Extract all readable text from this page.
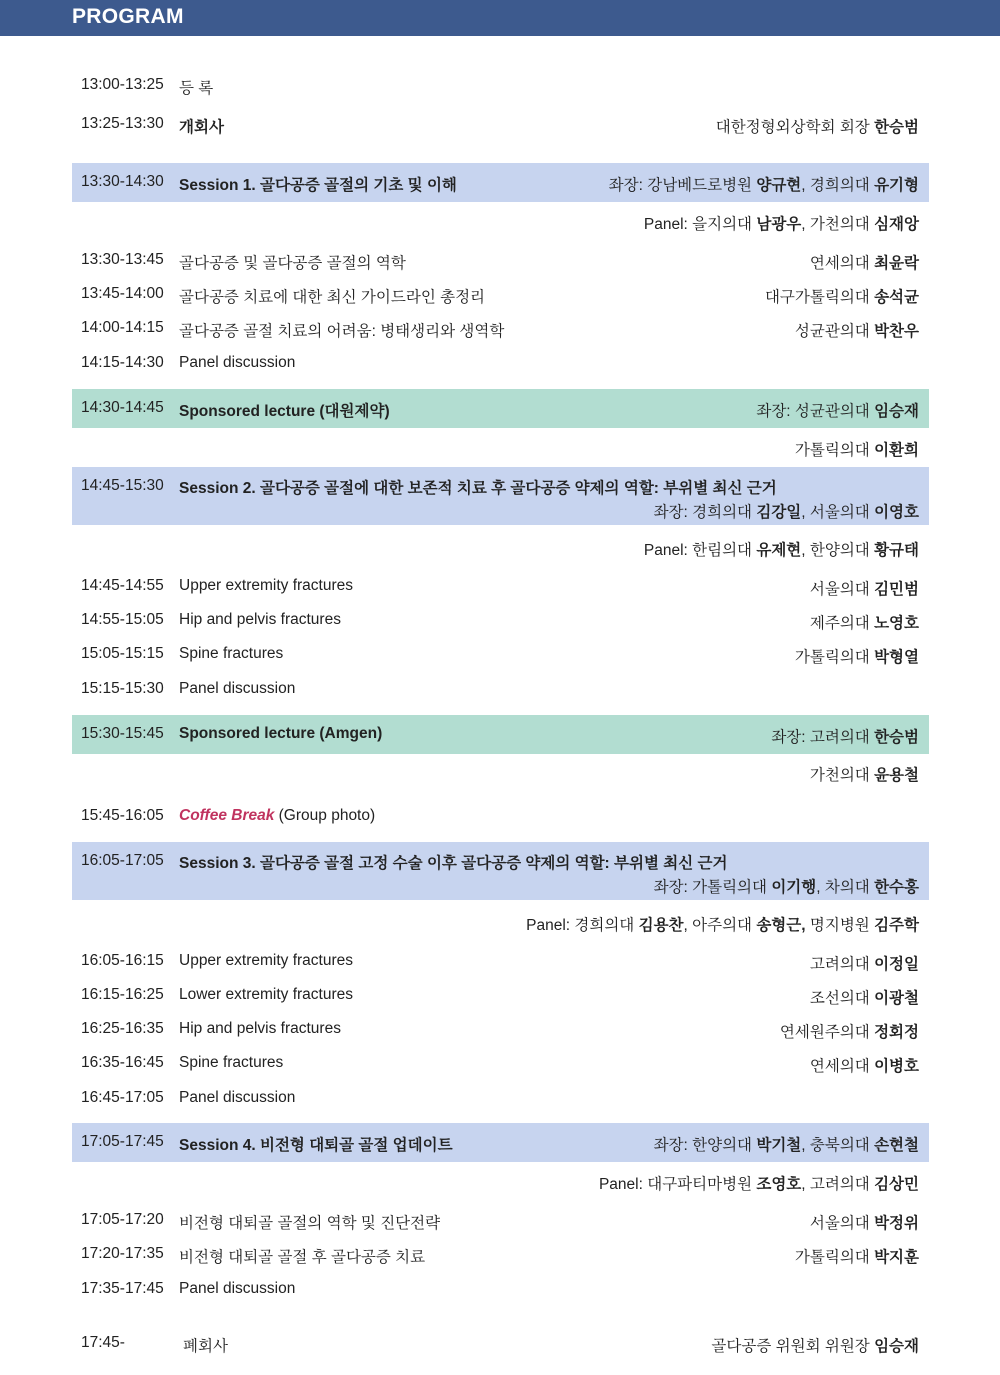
PROGRAM
13:00-13:25 등 록
13:25-13:30 개회사	대한정형외상학회 회장 한승범
13:30-14:30 Session 1. 골다공증 골절의 기초 및 이해	좌장: 강남베드로병원 양규현, 경희의대 유기형
Panel: 을지의대 남광우, 가천의대 심재앙
13:30-13:45 골다공증 및 골다공증 골절의 역학	연세의대 최윤락
13:45-14:00 골다공증 치료에 대한 최신 가이드라인 총정리	대구가톨릭의대 송석균
14:00-14:15 골다공증 골절 치료의 어려움: 병태생리와 생역학	성균관의대 박찬우
14:15-14:30 Panel discussion
14:30-14:45 Sponsored lecture (대원제약)	좌장: 성균관의대 임승재
가톨릭의대 이환희
14:45-15:30 Session 2. 골다공증 골절에 대한 보존적 치료 후 골다공증 약제의 역할: 부위별 최신 근거
좌장: 경희의대 김강일, 서울의대 이영호
Panel: 한림의대 유제현, 한양의대 황규태
14:45-14:55 Upper extremity fractures	서울의대 김민범
14:55-15:05 Hip and pelvis fractures	제주의대 노영호
15:05-15:15 Spine fractures	가톨릭의대 박형열
15:15-15:30 Panel discussion
15:30-15:45 Sponsored lecture (Amgen)	좌장: 고려의대 한승범
가천의대 윤용철
15:45-16:05 Coffee Break (Group photo)
16:05-17:05 Session 3. 골다공증 골절 고정 수술 이후 골다공증 약제의 역할: 부위별 최신 근거
좌장: 가톨릭의대 이기행, 차의대 한수홍
Panel: 경희의대 김용찬, 아주의대 송형근, 명지병원 김주학
16:05-16:15 Upper extremity fractures	고려의대 이정일
16:15-16:25 Lower extremity fractures	조선의대 이광철
16:25-16:35 Hip and pelvis fractures	연세원주의대 정회정
16:35-16:45 Spine fractures	연세의대 이병호
16:45-17:05 Panel discussion
17:05-17:45 Session 4. 비전형 대퇴골 골절 업데이트	좌장: 한양의대 박기철, 충북의대 손현철
Panel: 대구파티마병원 조영호, 고려의대 김상민
17:05-17:20 비전형 대퇴골 골절의 역학 및 진단전략	서울의대 박정위
17:20-17:35 비전형 대퇴골 골절 후 골다공증 치료	가톨릭의대 박지훈
17:35-17:45 Panel discussion
17:45-	폐회사	골다공증 위원회 위원장 임승재
